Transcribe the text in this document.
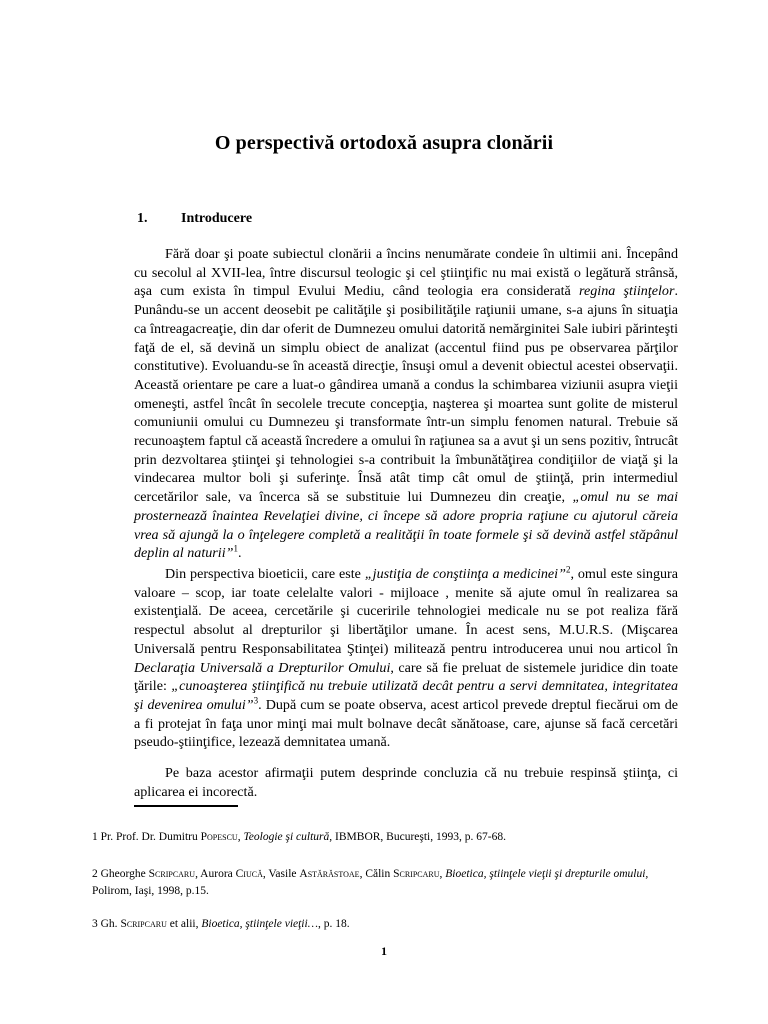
O perspectivă ortodoxă asupra clonării
1. Introducere

Fără doar şi poate subiectul clonării a încins nenumărate condeie în ultimii ani. Începând cu secolul al XVII-lea, între discursul teologic şi cel ştiinţific nu mai există o legătură strânsă, aşa cum exista în timpul Evului Mediu, când teologia era considerată regina ştiinţelor. Punându-se un accent deosebit pe calităţile şi posibilităţile raţiunii umane, s-a ajuns în situaţia ca întreagacreaţie, din dar oferit de Dumnezeu omului datorită nemărginitei Sale iubiri părinteşti faţă de el, să devină un simplu obiect de analizat (accentul fiind pus pe observarea părţilor constitutive). Evoluandu-se în această direcţie, însuşi omul a devenit obiectul acestei observaţii. Această orientare pe care a luat-o gândirea umană a condus la schimbarea viziunii asupra vieţii omeneşti, astfel încât în secolele trecute concepţia, naşterea şi moartea sunt golite de misterul comuniunii omului cu Dumnezeu şi transformate într-un simplu fenomen natural. Trebuie să recunoaştem faptul că această încredere a omului în raţiunea sa a avut şi un sens pozitiv, întrucât prin dezvoltarea ştiinţei şi tehnologiei s-a contribuit la îmbunătăţirea condiţiilor de viaţă şi la vindecarea multor boli şi suferinţe. Însă atât timp cât omul de ştiinţă, prin intermediul cercetărilor sale, va încerca să se substituie lui Dumnezeu din creaţie, „omul nu se mai prosternează înaintea Revelaţiei divine, ci începe să adore propria raţiune cu ajutorul căreia vrea să ajungă la o înţelegere completă a realităţii în toate formele şi să devină astfel stăpânul deplin al naturii”$^1$.

Din perspectiva bioeticii, care este „justiţia de conştiinţa a medicinei”$^2$, omul este singura valoare – scop, iar toate celelalte valori - mijloace , menite să ajute omul în realizarea sa existenţială. De aceea, cercetările şi cuceririle tehnologiei medicale nu se pot realiza fără respectul absolut al drepturilor şi libertăţilor umane. În acest sens, M.U.R.S. (Mişcarea Universală pentru Responsabilitatea Ştinţei) militează pentru introducerea unui nou articol în Declaraţia Universală a Drepturilor Omului, care să fie preluat de sistemele juridice din toate ţările: „cunoaşterea ştiinţifică nu trebuie utilizată decât pentru a servi demnitatea, integritatea şi devenirea omului”$^3$. După cum se poate observa, acest articol prevede dreptul fiecărui om de a fi protejat în faţa unor minţi mai mult bolnave decât sănătoase, care, ajunse să facă cercetări pseudo-ştiinţifice, lezează demnitatea umană.

Pe baza acestor afirmaţii putem desprinde concluzia că nu trebuie respinsă ştiinţa, ci aplicarea ei incorectă.

1 Pr. Prof. Dr. Dumitru Popescu, Teologie şi cultură, IBMBOR, Bucureşti, 1993, p. 67-68.
2 Gheorghe Scripcaru, Aurora Ciucă, Vasile Astărăstoae, Călin Scripcaru, Bioetica, ştiinţele vieţii şi drepturile omului, Polirom, Iaşi, 1998, p.15.
3 Gh. Scripcaru et alii, Bioetica, ştiinţele vieţii…, p. 18.
1
